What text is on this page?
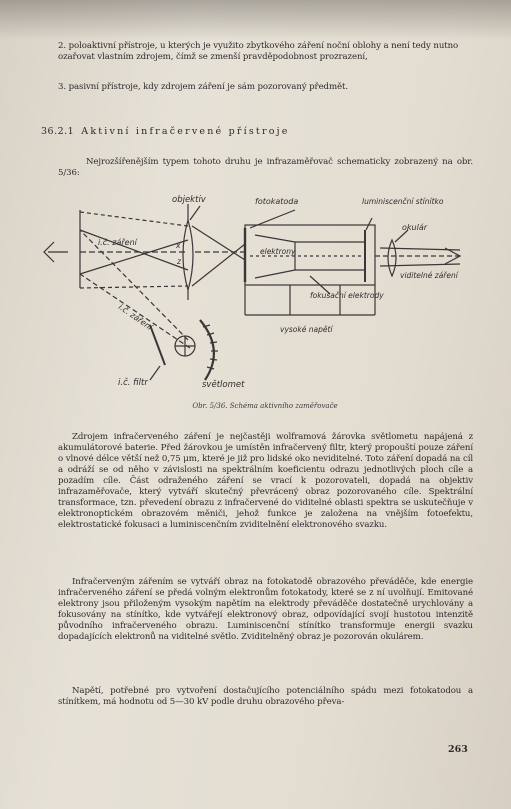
2. poloaktivní přístroje, u kterých je využito zbytkového záření noční oblohy a není tedy nutno ozařovat vlastním zdrojem, čímž se zmenší pravděpodobnost prozrazení,
3. pasivní přístroje, kdy zdrojem záření je sám pozorovaný předmět.
36.2.1 Aktivní infračervené přístroje
Nejrozšířenějším typem tohoto druhu je infrazaměřovač schematicky zobrazený na obr. 5/36:
objektiv	fotokatoda	luminiscenční stínítko
okulár
viditelné záření
i.č. záření
i.č. záření
elektrony
fokusační elektrody
vysoké napětí
i.č. filtr	světlomet
x
z
Obr. 5/36. Schéma aktivního zaměřovače
Zdrojem infračerveného záření je nejčastěji wolframová žárovka světlometu napájená z akumulátorové baterie. Před žárovkou je umístěn infračervený filtr, který propouští pouze záření o vlnové délce větší než 0,75 μm, které je již pro lidské oko neviditelné. Toto záření dopadá na cíl a odráží se od něho v závislosti na spektrálním koeficientu odrazu jednotlivých ploch cíle a pozadím cíle. Část odraženého záření se vrací k pozorovateli, dopadá na objektiv infrazaměřovače, který vytváří skutečný převrácený obraz pozorovaného cíle. Spektrální transformace, tzn. převedení obrazu z infračervené do viditelné oblasti spektra se uskutečňuje v elektronoptickém obrazovém měniči, jehož funkce je založena na vnějším fotoefektu, elektrostatické fokusaci a luminiscenčním zviditelnění elektronového svazku.
Infračerveným zářením se vytváří obraz na fotokatodě obrazového převáděče, kde energie infračerveného záření se předá volným elektronům fotokatody, které se z ní uvolňují. Emitované elektrony jsou přiloženým vysokým napětím na elektrody převáděče dostatečně urychlovány a fokusovány na stínítko, kde vytvářejí elektronový obraz, odpovídající svojí hustotou intenzitě původního infračerveného obrazu. Luminiscenční stínítko transformuje energii svazku dopadajících elektronů na viditelné světlo. Zviditelněný obraz je pozorován okulárem.
Napětí, potřebné pro vytvoření dostačujícího potenciálního spádu mezi fotokatodou a stínítkem, má hodnotu od 5—30 kV podle druhu obrazového převa-
263
